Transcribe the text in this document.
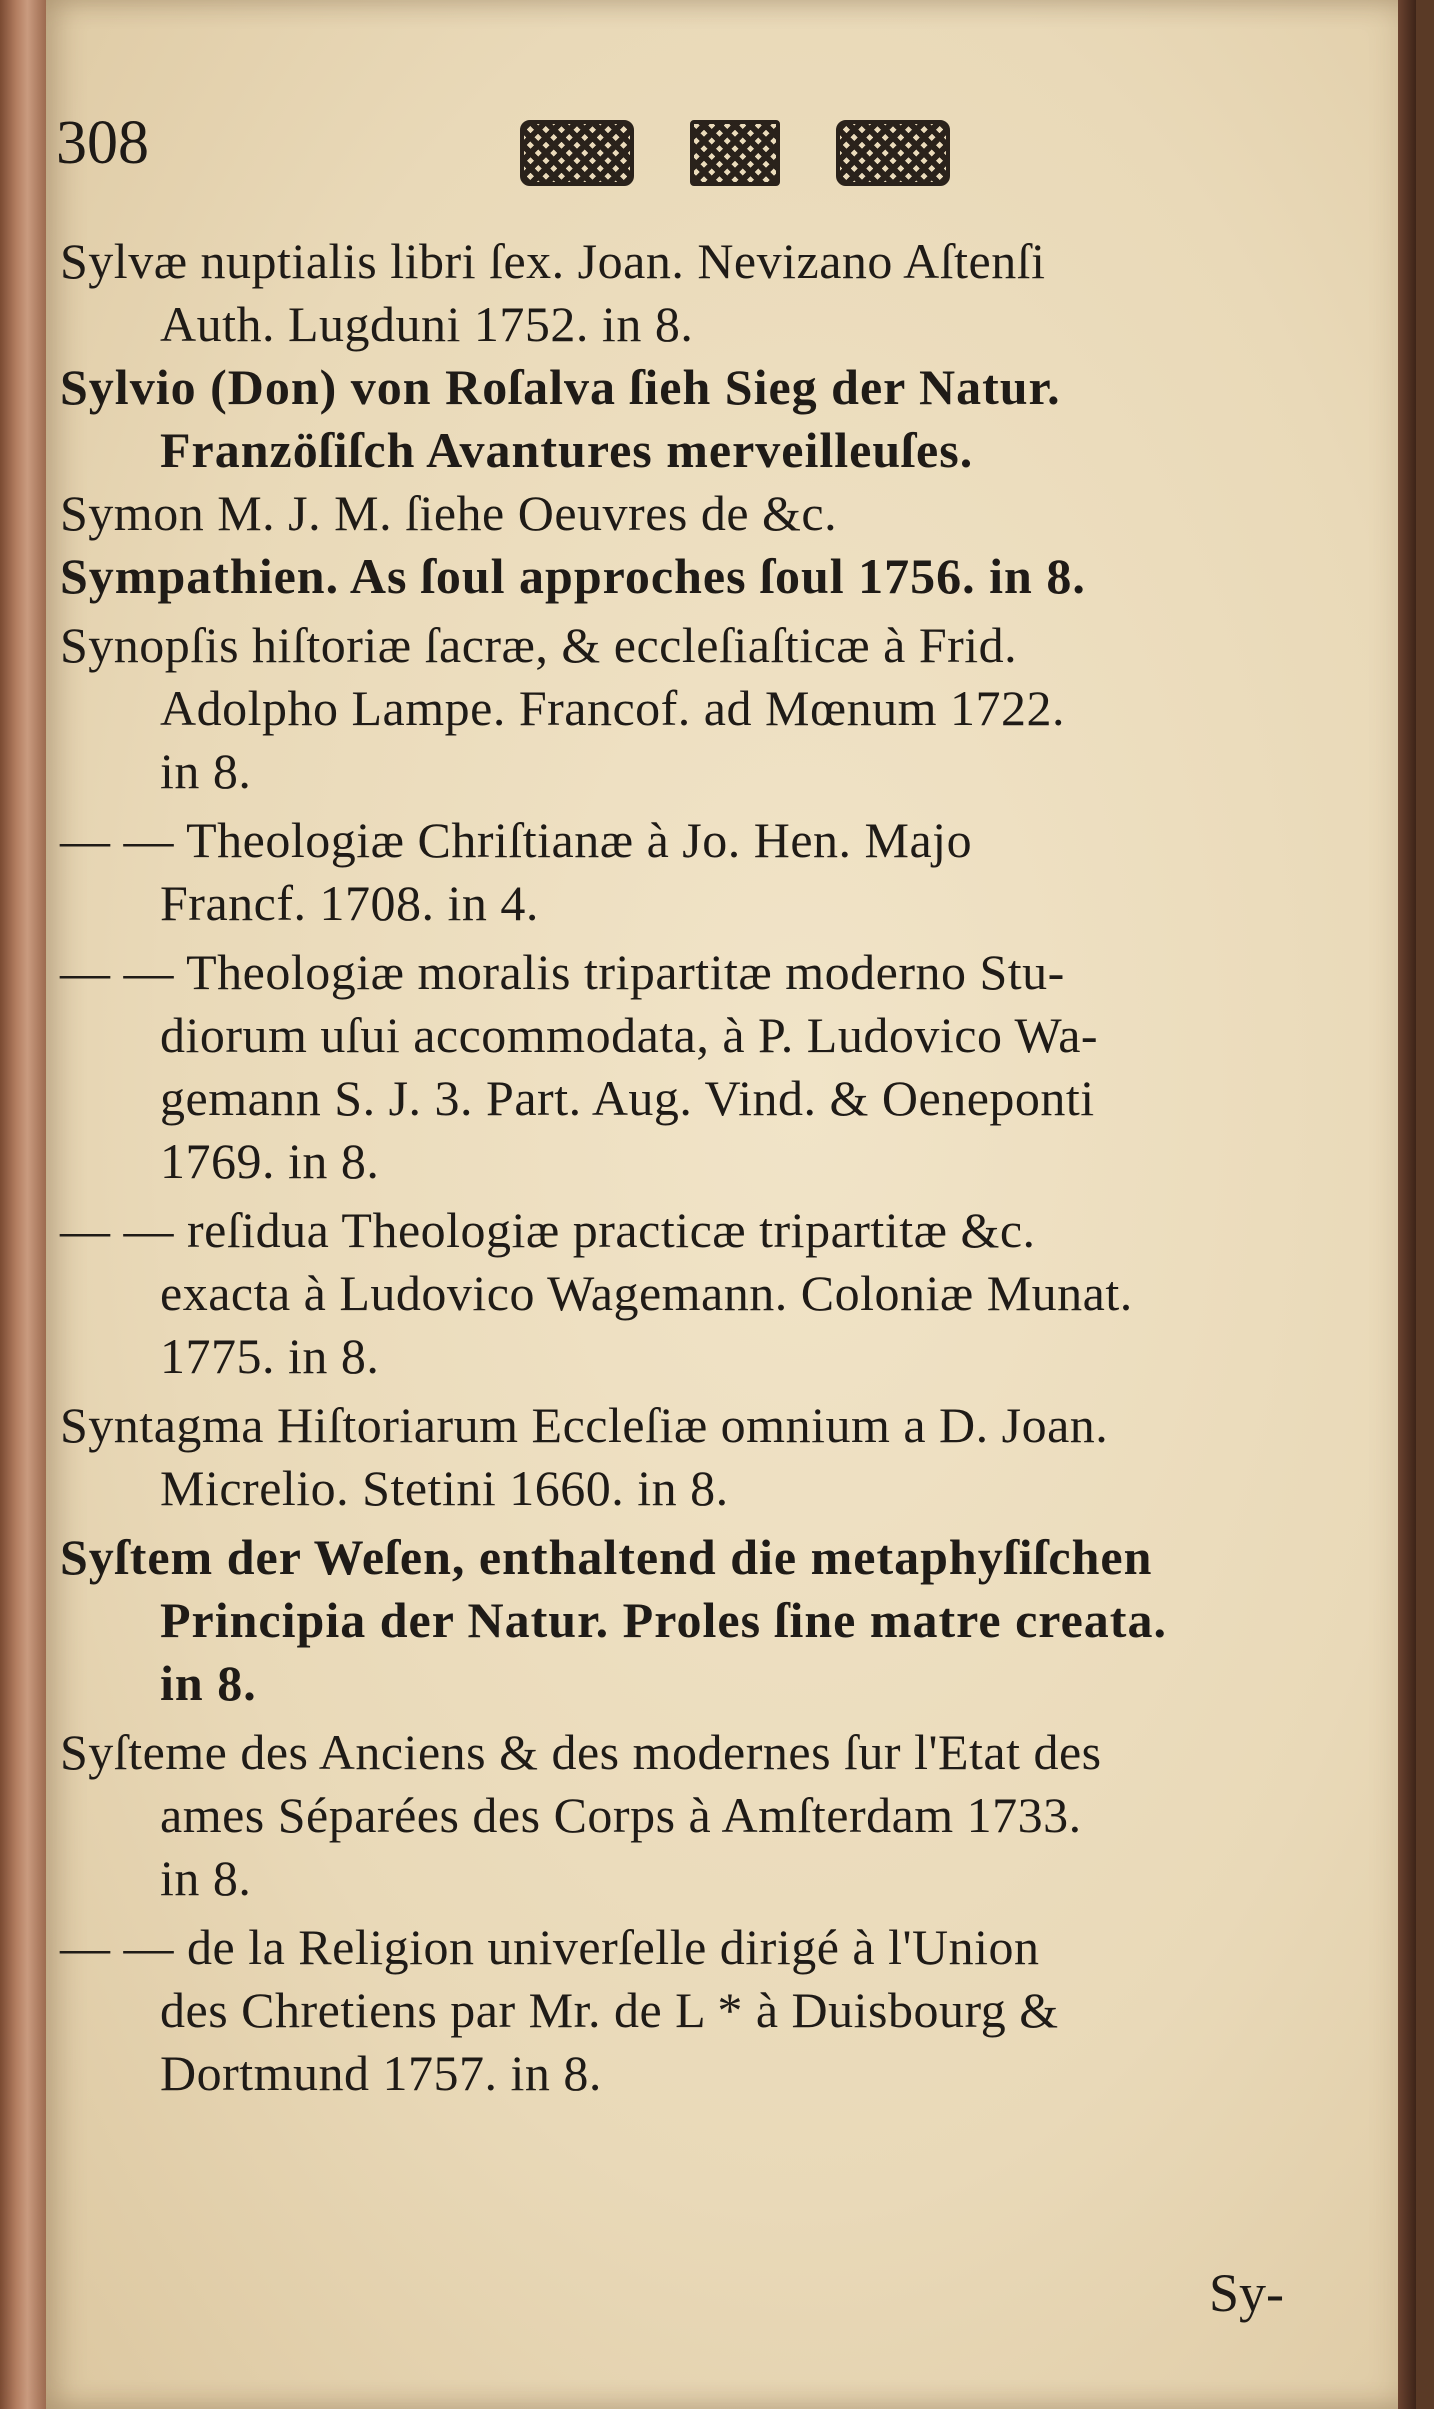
308
Sylvæ nuptialis libri ſex. Joan. Nevizano Aſtenſi
Auth. Lugduni 1752. in 8.
Sylvio (Don) von Roſalva ſieh Sieg der Natur.
Franzöſiſch Avantures merveilleuſes.
Symon M. J. M. ſiehe Oeuvres de &c.
Sympathien. As ſoul approches ſoul 1756. in 8.
Synopſis hiſtoriæ ſacræ, & eccleſiaſticæ à Frid.
Adolpho Lampe. Francof. ad Mœnum 1722.
in 8.
— — Theologiæ Chriſtianæ à Jo. Hen. Majo
Francf. 1708. in 4.
— — Theologiæ moralis tripartitæ moderno Stu-
diorum uſui accommodata, à P. Ludovico Wa-
gemann S. J. 3. Part. Aug. Vind. & Oeneponti
1769. in 8.
— — reſidua Theologiæ practicæ tripartitæ &c.
exacta à Ludovico Wagemann. Coloniæ Munat.
1775. in 8.
Syntagma Hiſtoriarum Eccleſiæ omnium a D. Joan.
Micrelio. Stetini 1660. in 8.
Syſtem der Weſen, enthaltend die metaphyſiſchen
Principia der Natur. Proles ſine matre creata.
in 8.
Syſteme des Anciens & des modernes ſur l'Etat des
ames Séparées des Corps à Amſterdam 1733.
in 8.
— — de la Religion univerſelle dirigé à l'Union
des Chretiens par Mr. de L * à Duisbourg &
Dortmund 1757. in 8.
Sy-
